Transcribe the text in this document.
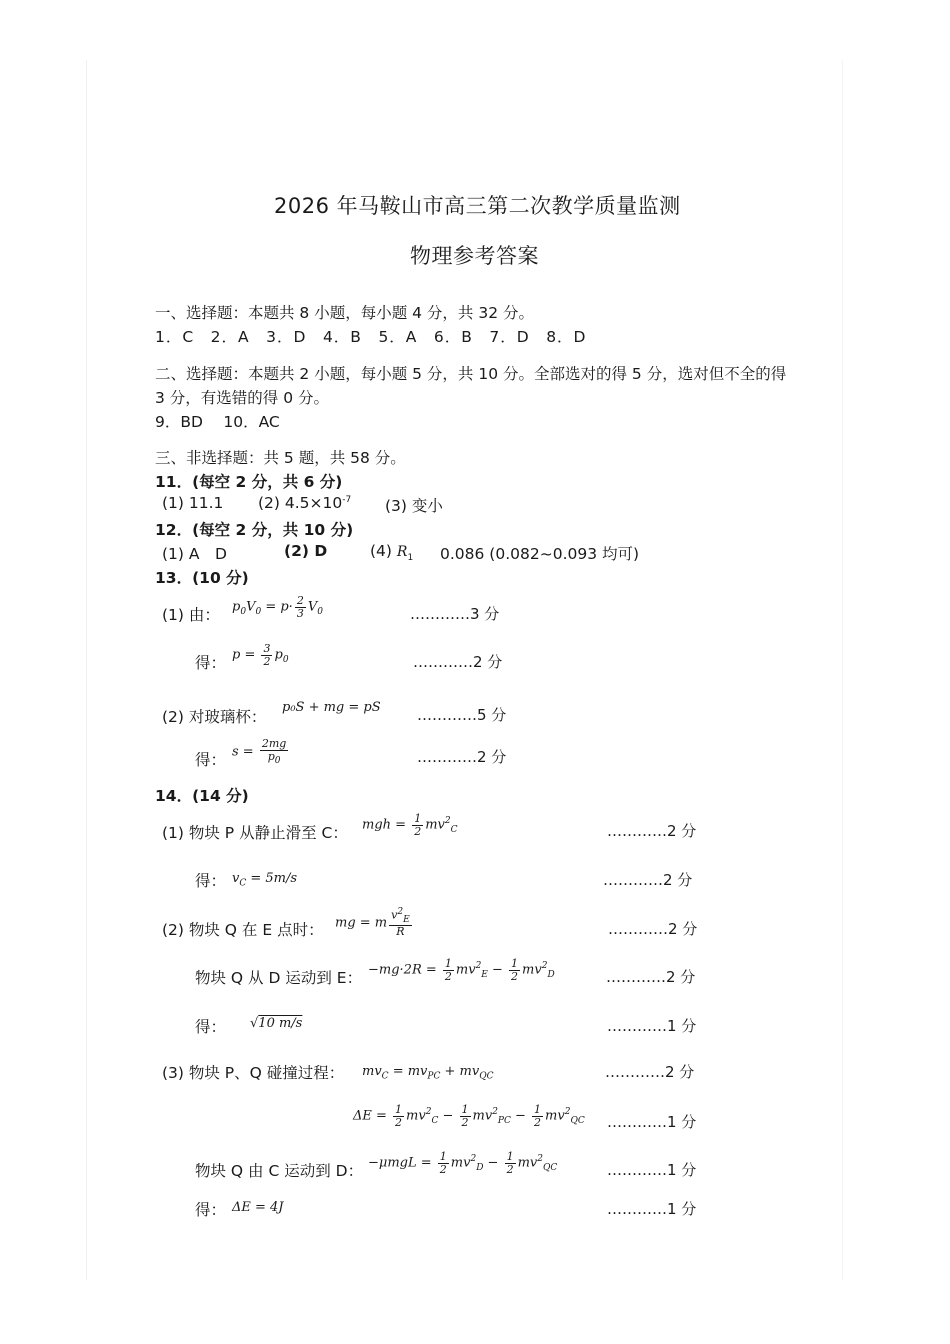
2026 年马鞍山市高三第二次教学质量监测
物理参考答案
一、选择题：本题共 8 小题，每小题 4 分，共 32 分。
1．C　2．A　3．D　4．B　5．A　6．B　7．D　8．D
二、选择题：本题共 2 小题，每小题 5 分，共 10 分。全部选对的得 5 分，选对但不全的得
3 分，有选错的得 0 分。
9．BD　 10．AC
三、非选择题：共 5 题，共 58 分。
11．(每空 2 分，共 6 分)
(1) 11.1 (2) $4.5\times 10^{-7}$ (3) 变小
12．(每空 2 分，共 10 分)
(1) A　D	(2) D	(4) $R_1$ 0.086 (0.082~0.093 均可)
13．(10 分)
(1) 由： $p_0V_0 = p\cdot \frac{2}{3} V_0$	…………3 分
得： $p = \frac{3}{2} p_0$	…………2 分
(2) 对玻璃杯：
p₀S + mg = pS …………5 分
得： $s = \frac{2mg}{p_0}$	…………2 分
14．(14 分)
(1) 物块 P 从静止滑至 C： mgh = $\frac{1}{2} mv^2_C$	…………2 分
得： $v_C = 5m/s$	…………2 分
(2) 物块 Q 在 E 点时： mg = m $\frac{v^2_E}{R}$	…………2 分
物块 Q 从 D 运动到 E： $-mg\cdot 2R = \frac{1}{2} mv^2_E - \frac{1}{2} mv^2_D$	…………2 分
得： √10 m/s	…………1 分
(3) 物块 P、Q 碰撞过程： $mv_C = mv_{PC} + mv_{QC}$	…………2 分
$\Delta E = \frac{1}{2} mv^2_C - \frac{1}{2} mv^2_{PC} - \frac{1}{2} mv^2_{QC}$ …………1 分
物块 Q 由 C 运动到 D： $-\mu mgL = \frac{1}{2} mv^2_D - \frac{1}{2} mv^2_{QC}$	…………1 分
得： ΔE = 4J	…………1 分
